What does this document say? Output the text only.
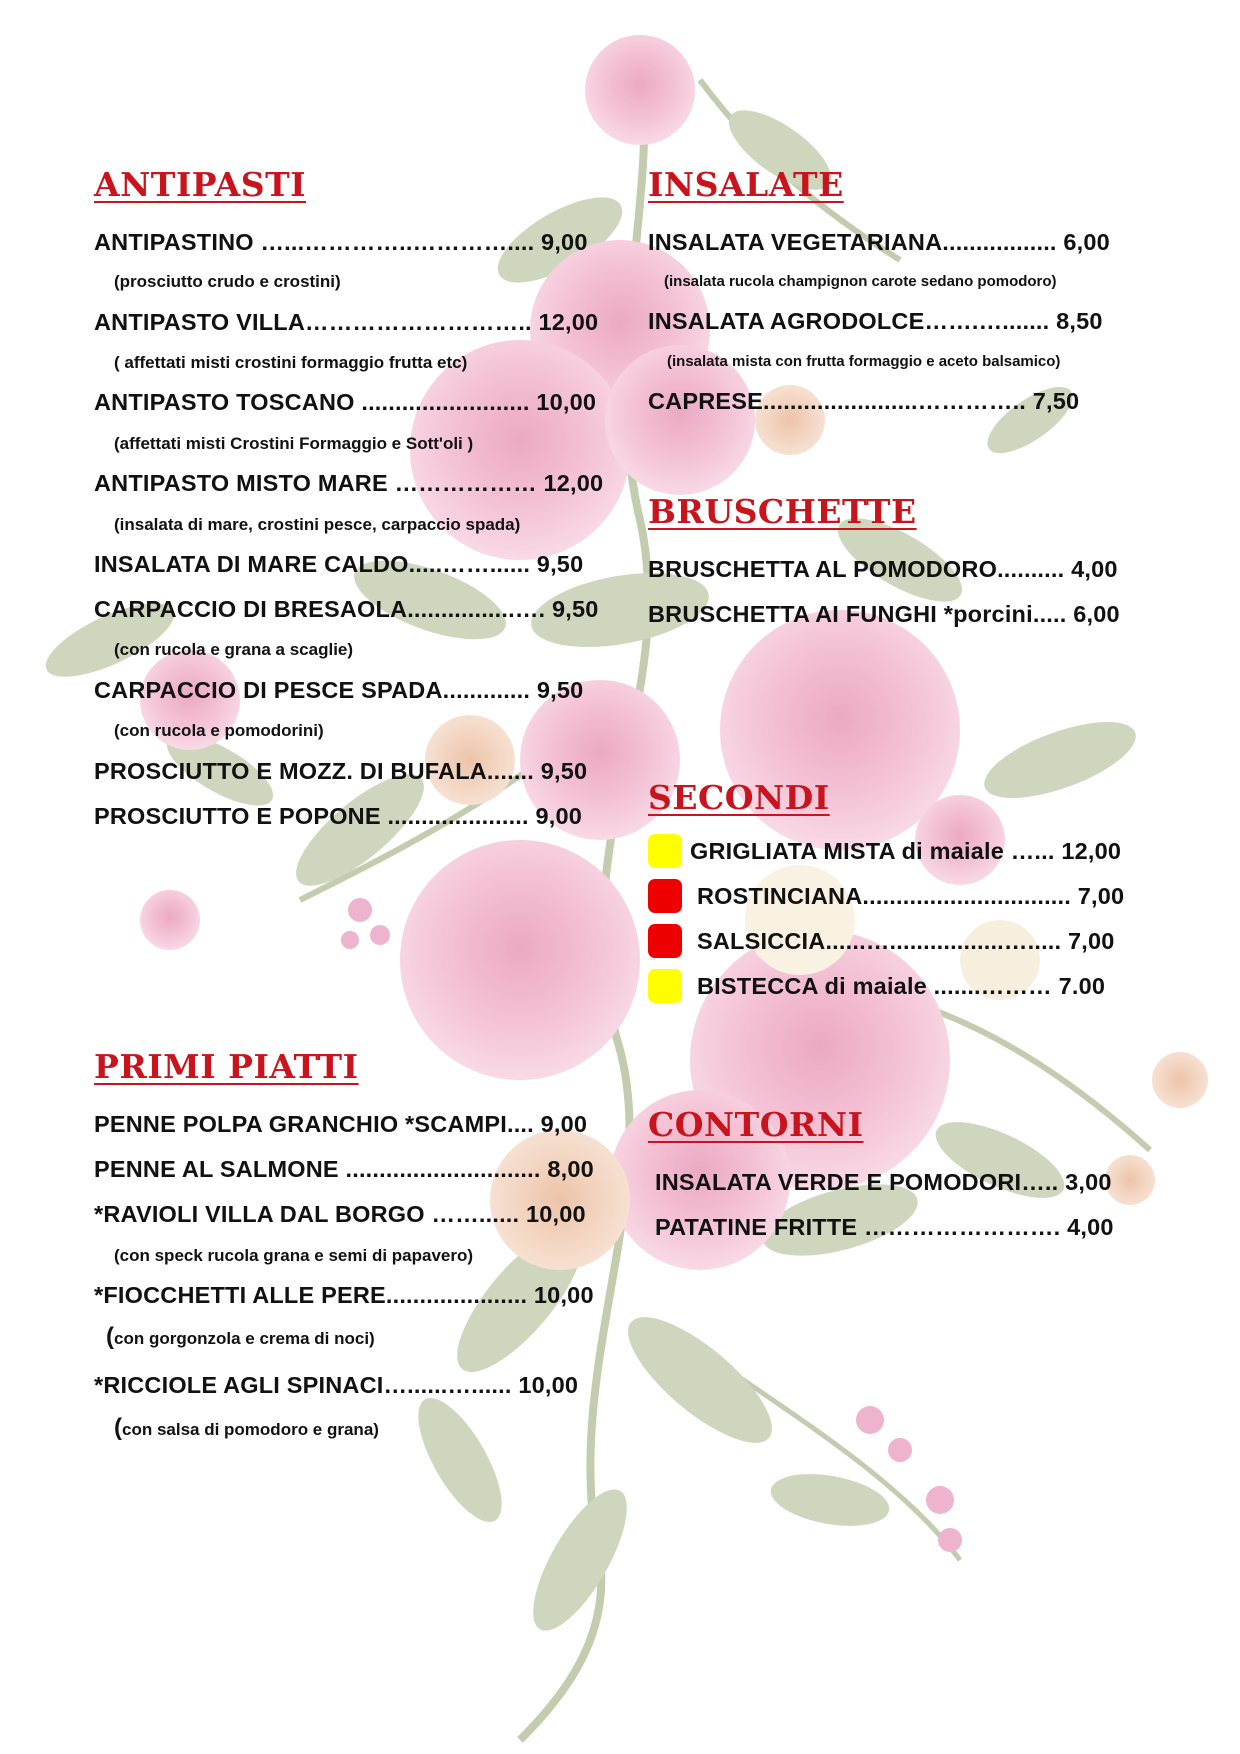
ANTIPASTI
ANTIPASTINO …...…………..………….... 9,00
(prosciutto crudo e crostini)
ANTIPASTO VILLA……………………….. 12,00
( affettati misti crostini formaggio frutta etc)
ANTIPASTO TOSCANO ......................... 10,00
(affettati misti Crostini Formaggio e Sott'oli )
ANTIPASTO MISTO MARE ……………… 12,00
(insalata di mare, crostini pesce, carpaccio spada)
INSALATA DI MARE CALDO.....……...... 9,50
CARPACCIO DI BRESAOLA................…. 9,50
(con rucola e grana a scaglie)
CARPACCIO DI PESCE SPADA............. 9,50
(con rucola e pomodorini)
PROSCIUTTO E MOZZ. DI BUFALA....... 9,50
PROSCIUTTO E POPONE ..................... 9,00
PRIMI PIATTI
PENNE POLPA GRANCHIO *SCAMPI.... 9,00
PENNE AL SALMONE ............................. 8,00
*RAVIOLI VILLA DAL BORGO ……...... 10,00
(con speck rucola grana e semi di papavero)
*FIOCCHETTI ALLE PERE..................... 10,00
(con gorgonzola e crema di noci)
*RICCIOLE AGLI SPINACI…......…...... 10,00
(con salsa di pomodoro e grana)
INSALATE
INSALATA VEGETARIANA................. 6,00
(insalata rucola champignon carote sedano pomodoro)
INSALATA AGRODOLCE…….…....... 8,50
(insalata mista con frutta formaggio e aceto balsamico)
CAPRESE.......................………….. 7,50
BRUSCHETTE
BRUSCHETTA AL POMODORO.......... 4,00
BRUSCHETTA AI FUNGHI *porcini..... 6,00
SECONDI
GRIGLIATA MISTA di maiale …... 12,00
ROSTINCIANA............................... 7,00
SALSICCIA......….................…..... 7,00
BISTECCA di maiale .......……… 7.00
CONTORNI
INSALATA VERDE E POMODORI….. 3,00
PATATINE FRITTE ……………………. 4,00
